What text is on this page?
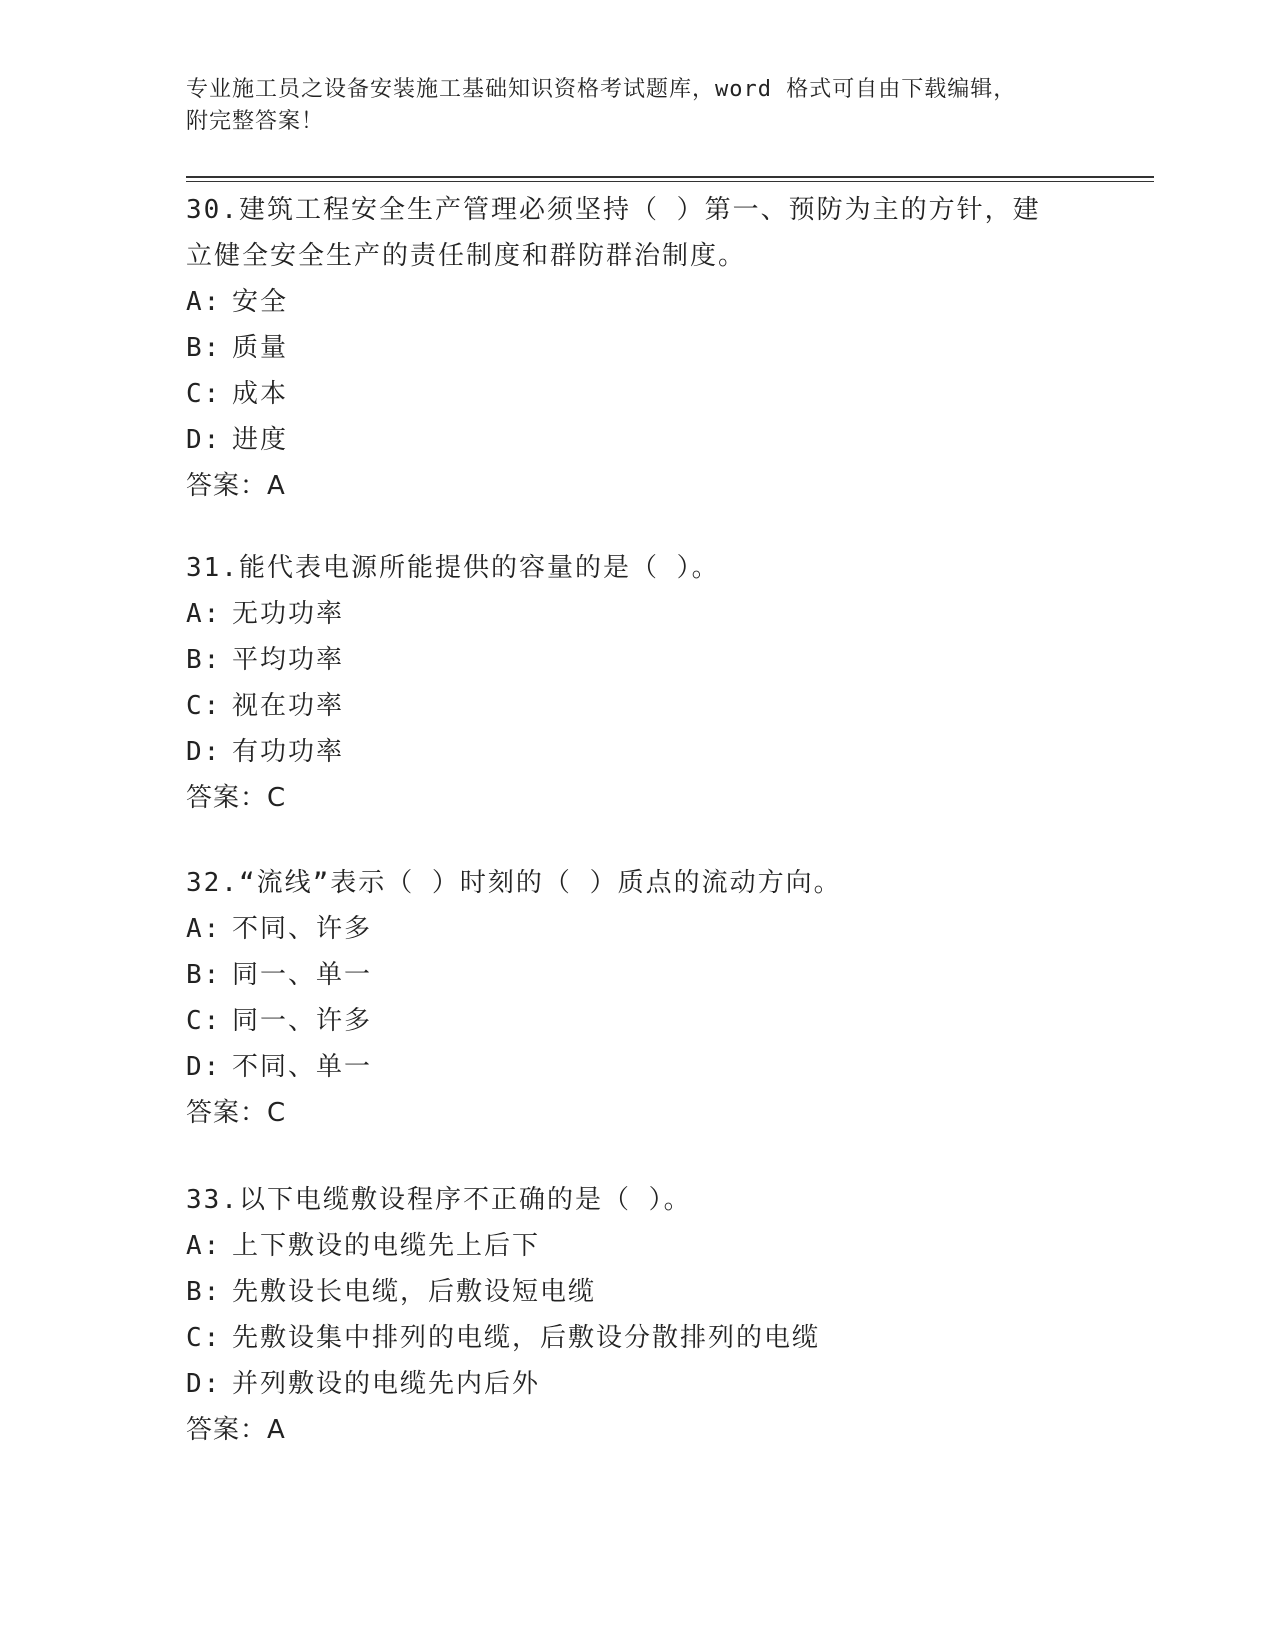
专业施工员之设备安装施工基础知识资格考试题库，word 格式可自由下载编辑，
附完整答案！
30.建筑工程安全生产管理必须坚持（ ）第一、预防为主的方针，建
立健全安全生产的责任制度和群防群治制度。
A: 安全
B: 质量
C: 成本
D: 进度
答案：A
31.能代表电源所能提供的容量的是（ ）。
A: 无功功率
B: 平均功率
C: 视在功率
D: 有功功率
答案：C
32.“流线”表示（ ）时刻的（ ）质点的流动方向。
A: 不同、许多
B: 同一、单一
C: 同一、许多
D: 不同、单一
答案：C
33.以下电缆敷设程序不正确的是（ ）。
A: 上下敷设的电缆先上后下
B: 先敷设长电缆，后敷设短电缆
C: 先敷设集中排列的电缆，后敷设分散排列的电缆
D: 并列敷设的电缆先内后外
答案：A
